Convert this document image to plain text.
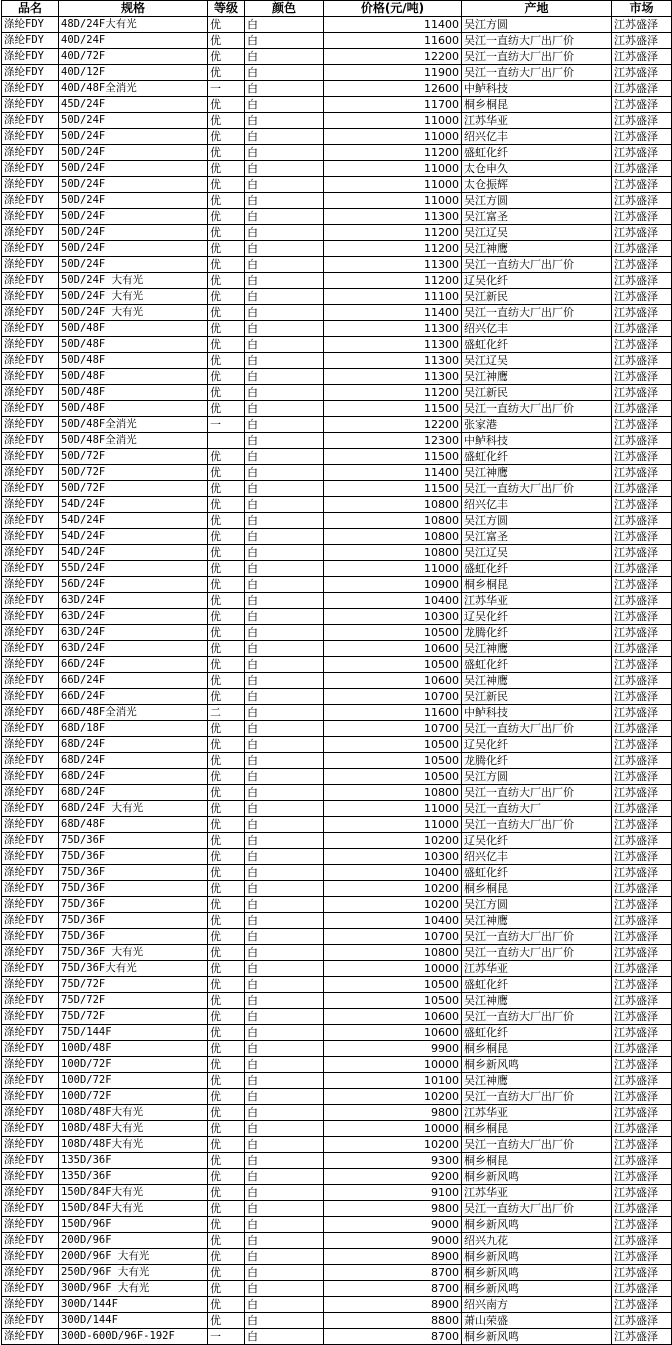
品名	规格	等级	颜色	价格(元/吨)	产地	市场
涤纶FDY	48D/24F大有光	优	白	11400	吴江方圆	江苏盛泽
涤纶FDY	40D/24F	优	白	11600	吴江一直纺大厂出厂价	江苏盛泽
涤纶FDY	40D/72F	优	白	12200	吴江一直纺大厂出厂价	江苏盛泽
涤纶FDY	40D/12F	优	白	11900	吴江一直纺大厂出厂价	江苏盛泽
涤纶FDY	40D/48F全消光	一	白	12600	中鲈科技	江苏盛泽
涤纶FDY	45D/24F	优	白	11700	桐乡桐昆	江苏盛泽
涤纶FDY	50D/24F	优	白	11000	江苏华亚	江苏盛泽
涤纶FDY	50D/24F	优	白	11000	绍兴亿丰	江苏盛泽
涤纶FDY	50D/24F	优	白	11200	盛虹化纤	江苏盛泽
涤纶FDY	50D/24F	优	白	11000	太仓申久	江苏盛泽
涤纶FDY	50D/24F	优	白	11000	太仓振辉	江苏盛泽
涤纶FDY	50D/24F	优	白	11000	吴江方圆	江苏盛泽
涤纶FDY	50D/24F	优	白	11300	吴江富圣	江苏盛泽
涤纶FDY	50D/24F	优	白	11200	吴江辽吴	江苏盛泽
涤纶FDY	50D/24F	优	白	11200	吴江神鹰	江苏盛泽
涤纶FDY	50D/24F	优	白	11300	吴江一直纺大厂出厂价	江苏盛泽
涤纶FDY	50D/24F 大有光	优	白	11200	辽吴化纤	江苏盛泽
涤纶FDY	50D/24F 大有光	优	白	11100	吴江新民	江苏盛泽
涤纶FDY	50D/24F 大有光	优	白	11400	吴江一直纺大厂出厂价	江苏盛泽
涤纶FDY	50D/48F	优	白	11300	绍兴亿丰	江苏盛泽
涤纶FDY	50D/48F	优	白	11300	盛虹化纤	江苏盛泽
涤纶FDY	50D/48F	优	白	11300	吴江辽吴	江苏盛泽
涤纶FDY	50D/48F	优	白	11300	吴江神鹰	江苏盛泽
涤纶FDY	50D/48F	优	白	11200	吴江新民	江苏盛泽
涤纶FDY	50D/48F	优	白	11500	吴江一直纺大厂出厂价	江苏盛泽
涤纶FDY	50D/48F全消光	一	白	12200	张家港	江苏盛泽
涤纶FDY	50D/48F全消光		白	12300	中鲈科技	江苏盛泽
涤纶FDY	50D/72F	优	白	11500	盛虹化纤	江苏盛泽
涤纶FDY	50D/72F	优	白	11400	吴江神鹰	江苏盛泽
涤纶FDY	50D/72F	优	白	11500	吴江一直纺大厂出厂价	江苏盛泽
涤纶FDY	54D/24F	优	白	10800	绍兴亿丰	江苏盛泽
涤纶FDY	54D/24F	优	白	10800	吴江方圆	江苏盛泽
涤纶FDY	54D/24F	优	白	10800	吴江富圣	江苏盛泽
涤纶FDY	54D/24F	优	白	10800	吴江辽吴	江苏盛泽
涤纶FDY	55D/24F	优	白	11000	盛虹化纤	江苏盛泽
涤纶FDY	56D/24F	优	白	10900	桐乡桐昆	江苏盛泽
涤纶FDY	63D/24F	优	白	10400	江苏华亚	江苏盛泽
涤纶FDY	63D/24F	优	白	10300	辽吴化纤	江苏盛泽
涤纶FDY	63D/24F	优	白	10500	龙腾化纤	江苏盛泽
涤纶FDY	63D/24F	优	白	10600	吴江神鹰	江苏盛泽
涤纶FDY	66D/24F	优	白	10500	盛虹化纤	江苏盛泽
涤纶FDY	66D/24F	优	白	10600	吴江神鹰	江苏盛泽
涤纶FDY	66D/24F	优	白	10700	吴江新民	江苏盛泽
涤纶FDY	66D/48F全消光	二	白	11600	中鲈科技	江苏盛泽
涤纶FDY	68D/18F	优	白	10700	吴江一直纺大厂出厂价	江苏盛泽
涤纶FDY	68D/24F	优	白	10500	辽吴化纤	江苏盛泽
涤纶FDY	68D/24F	优	白	10500	龙腾化纤	江苏盛泽
涤纶FDY	68D/24F	优	白	10500	吴江方圆	江苏盛泽
涤纶FDY	68D/24F	优	白	10800	吴江一直纺大厂出厂价	江苏盛泽
涤纶FDY	68D/24F 大有光	优	白	11000	吴江一直纺大厂	江苏盛泽
涤纶FDY	68D/48F	优	白	11000	吴江一直纺大厂出厂价	江苏盛泽
涤纶FDY	75D/36F	优	白	10200	辽吴化纤	江苏盛泽
涤纶FDY	75D/36F	优	白	10300	绍兴亿丰	江苏盛泽
涤纶FDY	75D/36F	优	白	10400	盛虹化纤	江苏盛泽
涤纶FDY	75D/36F	优	白	10200	桐乡桐昆	江苏盛泽
涤纶FDY	75D/36F	优	白	10200	吴江方圆	江苏盛泽
涤纶FDY	75D/36F	优	白	10400	吴江神鹰	江苏盛泽
涤纶FDY	75D/36F	优	白	10700	吴江一直纺大厂出厂价	江苏盛泽
涤纶FDY	75D/36F 大有光	优	白	10800	吴江一直纺大厂出厂价	江苏盛泽
涤纶FDY	75D/36F大有光	优	白	10000	江苏华亚	江苏盛泽
涤纶FDY	75D/72F	优	白	10500	盛虹化纤	江苏盛泽
涤纶FDY	75D/72F	优	白	10500	吴江神鹰	江苏盛泽
涤纶FDY	75D/72F	优	白	10600	吴江一直纺大厂出厂价	江苏盛泽
涤纶FDY	75D/144F	优	白	10600	盛虹化纤	江苏盛泽
涤纶FDY	100D/48F	优	白	9900	桐乡桐昆	江苏盛泽
涤纶FDY	100D/72F	优	白	10000	桐乡新风鸣	江苏盛泽
涤纶FDY	100D/72F	优	白	10100	吴江神鹰	江苏盛泽
涤纶FDY	100D/72F	优	白	10200	吴江一直纺大厂出厂价	江苏盛泽
涤纶FDY	108D/48F大有光	优	白	9800	江苏华亚	江苏盛泽
涤纶FDY	108D/48F大有光	优	白	10000	桐乡桐昆	江苏盛泽
涤纶FDY	108D/48F大有光	优	白	10200	吴江一直纺大厂出厂价	江苏盛泽
涤纶FDY	135D/36F	优	白	9300	桐乡桐昆	江苏盛泽
涤纶FDY	135D/36F	优	白	9200	桐乡新风鸣	江苏盛泽
涤纶FDY	150D/84F大有光	优	白	9100	江苏华亚	江苏盛泽
涤纶FDY	150D/84F大有光	优	白	9800	吴江一直纺大厂出厂价	江苏盛泽
涤纶FDY	150D/96F	优	白	9000	桐乡新风鸣	江苏盛泽
涤纶FDY	200D/96F	优	白	9000	绍兴九花	江苏盛泽
涤纶FDY	200D/96F 大有光	优	白	8900	桐乡新风鸣	江苏盛泽
涤纶FDY	250D/96F 大有光	优	白	8700	桐乡新风鸣	江苏盛泽
涤纶FDY	300D/96F 大有光	优	白	8700	桐乡新风鸣	江苏盛泽
涤纶FDY	300D/144F	优	白	8900	绍兴南方	江苏盛泽
涤纶FDY	300D/144F	优	白	8800	萧山荣盛	江苏盛泽
涤纶FDY	300D-600D/96F-192F	一	白	8700	桐乡新风鸣	江苏盛泽
